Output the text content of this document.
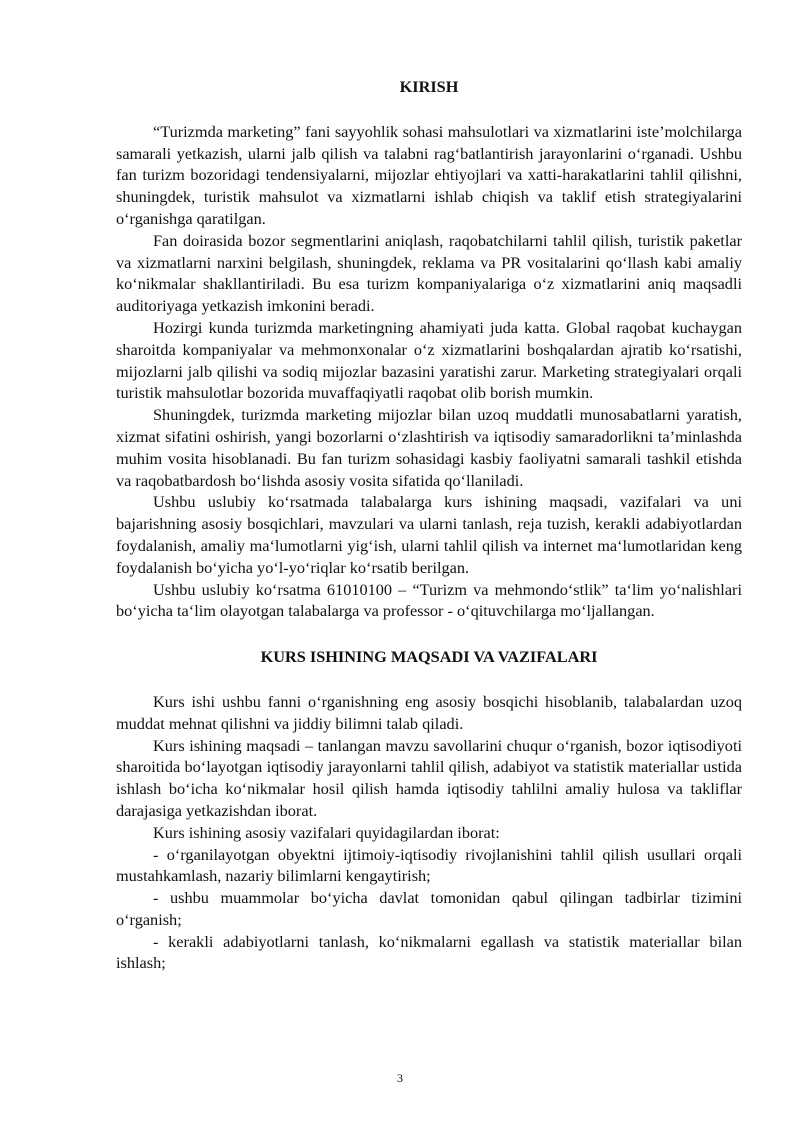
KIRISH

“Turizmda marketing” fani sayyohlik sohasi mahsulotlari va xizmatlarini iste’molchilarga samarali yetkazish, ularni jalb qilish va talabni rag‘batlantirish jarayonlarini o‘rganadi. Ushbu fan turizm bozoridagi tendensiyalarni, mijozlar ehtiyojlari va xatti-harakatlarini tahlil qilishni, shuningdek, turistik mahsulot va xizmatlarni ishlab chiqish va taklif etish strategiyalarini o‘rganishga qaratilgan.

Fan doirasida bozor segmentlarini aniqlash, raqobatchilarni tahlil qilish, turistik paketlar va xizmatlarni narxini belgilash, shuningdek, reklama va PR vositalarini qo‘llash kabi amaliy ko‘nikmalar shakllantiriladi. Bu esa turizm kompaniyalariga o‘z xizmatlarini aniq maqsadli auditoriyaga yetkazish imkonini beradi.

Hozirgi kunda turizmda marketingning ahamiyati juda katta. Global raqobat kuchaygan sharoitda kompaniyalar va mehmonxonalar o‘z xizmatlarini boshqalardan ajratib ko‘rsatishi, mijozlarni jalb qilishi va sodiq mijozlar bazasini yaratishi zarur. Marketing strategiyalari orqali turistik mahsulotlar bozorida muvaffaqiyatli raqobat olib borish mumkin.

Shuningdek, turizmda marketing mijozlar bilan uzoq muddatli munosabatlarni yaratish, xizmat sifatini oshirish, yangi bozorlarni o‘zlashtirish va iqtisodiy samaradorlikni ta’minlashda muhim vosita hisoblanadi. Bu fan turizm sohasidagi kasbiy faoliyatni samarali tashkil etishda va raqobatbardosh bo‘lishda asosiy vosita sifatida qo‘llaniladi.

Ushbu uslubiy ko‘rsatmada talabalarga kurs ishining maqsadi, vazifalari va uni bajarishning asosiy bosqichlari, mavzulari va ularni tanlash, reja tuzish, kerakli adabiyotlardan foydalanish, amaliy ma‘lumotlarni yig‘ish, ularni tahlil qilish va internet ma‘lumotlaridan keng foydalanish bo‘yicha yo‘l-yo‘riqlar ko‘rsatib berilgan.

Ushbu uslubiy ko‘rsatma 61010100 – “Turizm va mehmondo‘stlik” ta‘lim yo‘nalishlari bo‘yicha ta‘lim olayotgan talabalarga va professor - o‘qituvchilarga mo‘ljallangan.

KURS ISHINING MAQSADI VA VAZIFALARI

Kurs ishi ushbu fanni o‘rganishning eng asosiy bosqichi hisoblanib, talabalardan uzoq muddat mehnat qilishni va jiddiy bilimni talab qiladi.

Kurs ishining maqsadi – tanlangan mavzu savollarini chuqur o‘rganish, bozor iqtisodiyoti sharoitida bo‘layotgan iqtisodiy jarayonlarni tahlil qilish, adabiyot va statistik materiallar ustida ishlash bo‘icha ko‘nikmalar hosil qilish hamda iqtisodiy tahlilni amaliy hulosa va takliflar darajasiga yetkazishdan iborat.

Kurs ishining asosiy vazifalari quyidagilardan iborat:

- o‘rganilayotgan obyektni ijtimoiy-iqtisodiy rivojlanishini tahlil qilish usullari orqali mustahkamlash, nazariy bilimlarni kengaytirish;

- ushbu muammolar bo‘yicha davlat tomonidan qabul qilingan tadbirlar tizimini o‘rganish;

- kerakli adabiyotlarni tanlash, ko‘nikmalarni egallash va statistik materiallar bilan ishlash;

3
